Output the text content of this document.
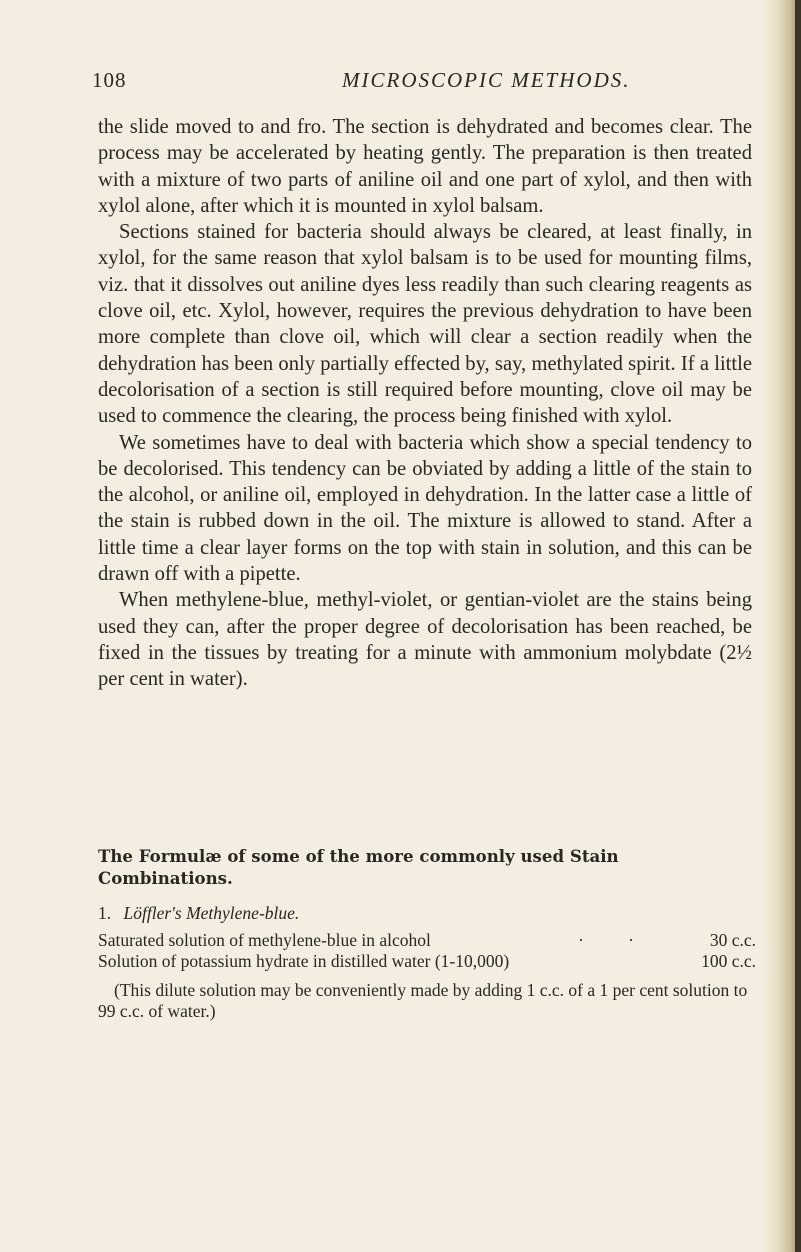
108	MICROSCOPIC METHODS.

the slide moved to and fro. The section is dehydrated and becomes clear. The process may be accelerated by heating gently. The preparation is then treated with a mixture of two parts of aniline oil and one part of xylol, and then with xylol alone, after which it is mounted in xylol balsam.

Sections stained for bacteria should always be cleared, at least finally, in xylol, for the same reason that xylol balsam is to be used for mounting films, viz. that it dissolves out aniline dyes less readily than such clearing reagents as clove oil, etc. Xylol, however, requires the previous dehydration to have been more complete than clove oil, which will clear a section readily when the dehydration has been only partially effected by, say, methylated spirit. If a little decolorisation of a section is still required before mounting, clove oil may be used to commence the clearing, the process being finished with xylol.

We sometimes have to deal with bacteria which show a special tendency to be decolorised. This tendency can be obviated by adding a little of the stain to the alcohol, or aniline oil, employed in dehydration. In the latter case a little of the stain is rubbed down in the oil. The mixture is allowed to stand. After a little time a clear layer forms on the top with stain in solution, and this can be drawn off with a pipette.

When methylene-blue, methyl-violet, or gentian-violet are the stains being used they can, after the proper degree of decolorisation has been reached, be fixed in the tissues by treating for a minute with ammonium molybdate (2½ per cent in water).

The Formulæ of some of the more commonly used Stain Combinations.

1. Löffler's Methylene-blue.

Saturated solution of methylene-blue in alcohol	· ·	30 c.c.
Solution of potassium hydrate in distilled water (1-10,000)	100 c.c.

(This dilute solution may be conveniently made by adding 1 c.c. of a 1 per cent solution to 99 c.c. of water.)
